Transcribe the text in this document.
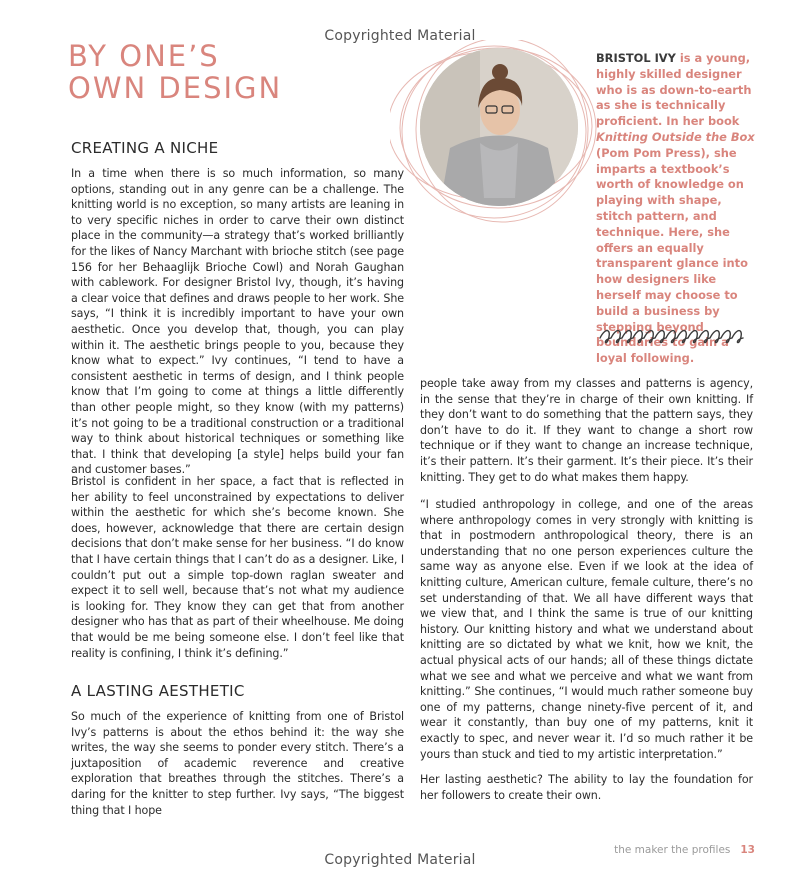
Copyrighted Material
BY ONE’S
OWN DESIGN
CREATING A NICHE

In a time when there is so much information, so many options, standing out in any genre can be a challenge. The knitting world is no exception, so many artists are leaning in to very specific niches in order to carve their own distinct place in the community—a strategy that’s worked brilliantly for the likes of Nancy Marchant with brioche stitch (see page 156 for her Behaaglijk Brioche Cowl) and Norah Gaughan with cablework. For designer Bristol Ivy, though, it’s having a clear voice that defines and draws people to her work. She says, “I think it is incredibly important to have your own aesthetic. Once you develop that, though, you can play within it. The aesthetic brings people to you, because they know what to expect.” Ivy continues, “I tend to have a consistent aesthetic in terms of design, and I think people know that I’m going to come at things a little differently than other people might, so they know (with my patterns) it’s not going to be a traditional construction or a traditional way to think about historical techniques or something like that. I think that developing [a style] helps build your fan and customer bases.”

Bristol is confident in her space, a fact that is reflected in her ability to feel unconstrained by expectations to deliver within the aesthetic for which she’s become known. She does, however, acknowledge that there are certain design decisions that don’t make sense for her business. “I do know that I have certain things that I can’t do as a designer. Like, I couldn’t put out a simple top-down raglan sweater and expect it to sell well, because that’s not what my audience is looking for. They know they can get that from another designer who has that as part of their wheelhouse. Me doing that would be me being someone else. I don’t feel like that reality is confining, I think it’s defining.”

A LASTING AESTHETIC

So much of the experience of knitting from one of Bristol Ivy’s patterns is about the ethos behind it: the way she writes, the way she seems to ponder every stitch. There’s a juxtaposition of academic reverence and creative exploration that breathes through the stitches. There’s a daring for the knitter to step further. Ivy says, “The biggest thing that I hope

BRISTOL IVY is a young, highly skilled designer who is as down-to-earth as she is technically proficient. In her book Knitting Outside the Box (Pom Pom Press), she imparts a textbook’s worth of knowledge on playing with shape, stitch pattern, and technique. Here, she offers an equally transparent glance into how designers like herself may choose to build a business by stepping beyond boundaries to gain a loyal following.

people take away from my classes and patterns is agency, in the sense that they’re in charge of their own knitting. If they don’t want to do something that the pattern says, they don’t have to do it. If they want to change a short row technique or if they want to change an increase technique, it’s their pattern. It’s their garment. It’s their piece. It’s their knitting. They get to do what makes them happy.

“I studied anthropology in college, and one of the areas where anthropology comes in very strongly with knitting is that in postmodern anthropological theory, there is an understanding that no one person experiences culture the same way as anyone else. Even if we look at the idea of knitting culture, American culture, female culture, there’s no set understanding of that. We all have different ways that we view that, and I think the same is true of our knitting history. Our knitting history and what we understand about knitting are so dictated by what we knit, how we knit, the actual physical acts of our hands; all of these things dictate what we see and what we perceive and what we want from knitting.” She continues, “I would much rather someone buy one of my patterns, change ninety-five percent of it, and wear it constantly, than buy one of my patterns, knit it exactly to spec, and never wear it. I’d so much rather it be yours than stuck and tied to my artistic interpretation.”

Her lasting aesthetic? The ability to lay the foundation for her followers to create their own.

the maker the profiles 13
Copyrighted Material
